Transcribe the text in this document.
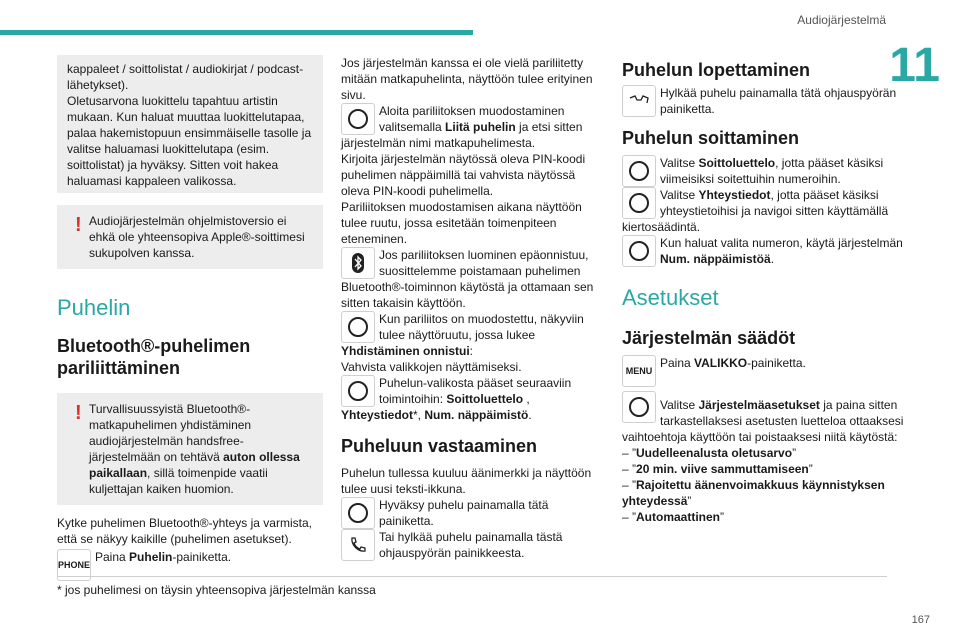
Audiojärjestelmä
11

kappaleet / soittolistat / audiokirjat / podcast-lähetykset).

Oletusarvona luokittelu tapahtuu artistin mukaan. Kun haluat muuttaa luokittelutapaa, palaa hakemistopuun ensimmäiselle tasolle ja valitse haluamasi luokittelutapa (esim. soittolistat) ja hyväksy. Sitten voit hakea haluamasi kappaleen valikossa.

! Audiojärjestelmän ohjelmistoversio ei ehkä ole yhteensopiva Apple®-soittimesi sukupolven kanssa.

Puhelin
Bluetooth®-puhelimen
pariliittäminen
! Turvallisuussyistä Bluetooth®-matkapuhelimen yhdistäminen audiojärjestelmän handsfree-järjestelmään on tehtävä auton ollessa paikallaan, sillä toimenpide vaatii kuljettajan kaiken huomion.

Kytke puhelimen Bluetooth®-yhteys ja varmista, että se näkyy kaikille (puhelimen asetukset).

PHONE

Paina Puhelin-painiketta.

Jos järjestelmän kanssa ei ole vielä pariliitetty mitään matkapuhelinta, näyttöön tulee erityinen sivu.

Aloita pariliitoksen muodostaminen valitsemalla Liitä puhelin ja etsi sitten järjestelmän nimi matkapuhelimesta.

Kirjoita järjestelmän näytössä oleva PIN-koodi puhelimen näppäimillä tai vahvista näytössä oleva PIN-koodi puhelimella.

Pariliitoksen muodostamisen aikana näyttöön tulee ruutu, jossa esitetään toimenpiteen eteneminen.

Jos pariliitoksen luominen epäonnistuu, suosittelemme poistamaan puhelimen Bluetooth®-toiminnon käytöstä ja ottamaan sen sitten takaisin käyttöön.

Kun pariliitos on muodostettu, näkyviin tulee näyttöruutu, jossa lukee Yhdistäminen onnistui:

Vahvista valikkojen näyttämiseksi.

Puhelun-valikosta pääset seuraaviin toimintoihin: Soittoluettelo , Yhteystiedot*, Num. näppäimistö.

Puheluun vastaaminen

Puhelun tullessa kuuluu äänimerkki ja näyttöön tulee uusi teksti-ikkuna.

Hyväksy puhelu painamalla tätä painiketta.

Tai hylkää puhelu painamalla tästä ohjauspyörän painikkeesta.

Puhelun lopettaminen

Hylkää puhelu painamalla tätä ohjauspyörän painiketta.

Puhelun soittaminen

Valitse Soittoluettelo, jotta pääset käsiksi viimeisiksi soitettuihin numeroihin.

Valitse Yhteystiedot, jotta pääset käsiksi yhteystietoihisi ja navigoi sitten käyttämällä kiertosäädintä.

Kun haluat valita numeron, käytä järjestelmän Num. näppäimistöä.

Asetukset
Järjestelmän säädöt
MENU

Paina VALIKKO-painiketta.

Valitse Järjestelmäasetukset ja paina sitten tarkastellaksesi asetusten luetteloa ottaaksesi vaihtoehtoja käyttöön tai poistaaksesi niitä käytöstä:

– ”Uudelleenalusta oletusarvo”

– ”20 min. viive sammuttamiseen”

– ”Rajoitettu äänenvoimakkuus käynnistyksen yhteydessä”

– ”Automaattinen”

* jos puhelimesi on täysin yhteensopiva järjestelmän kanssa
167
